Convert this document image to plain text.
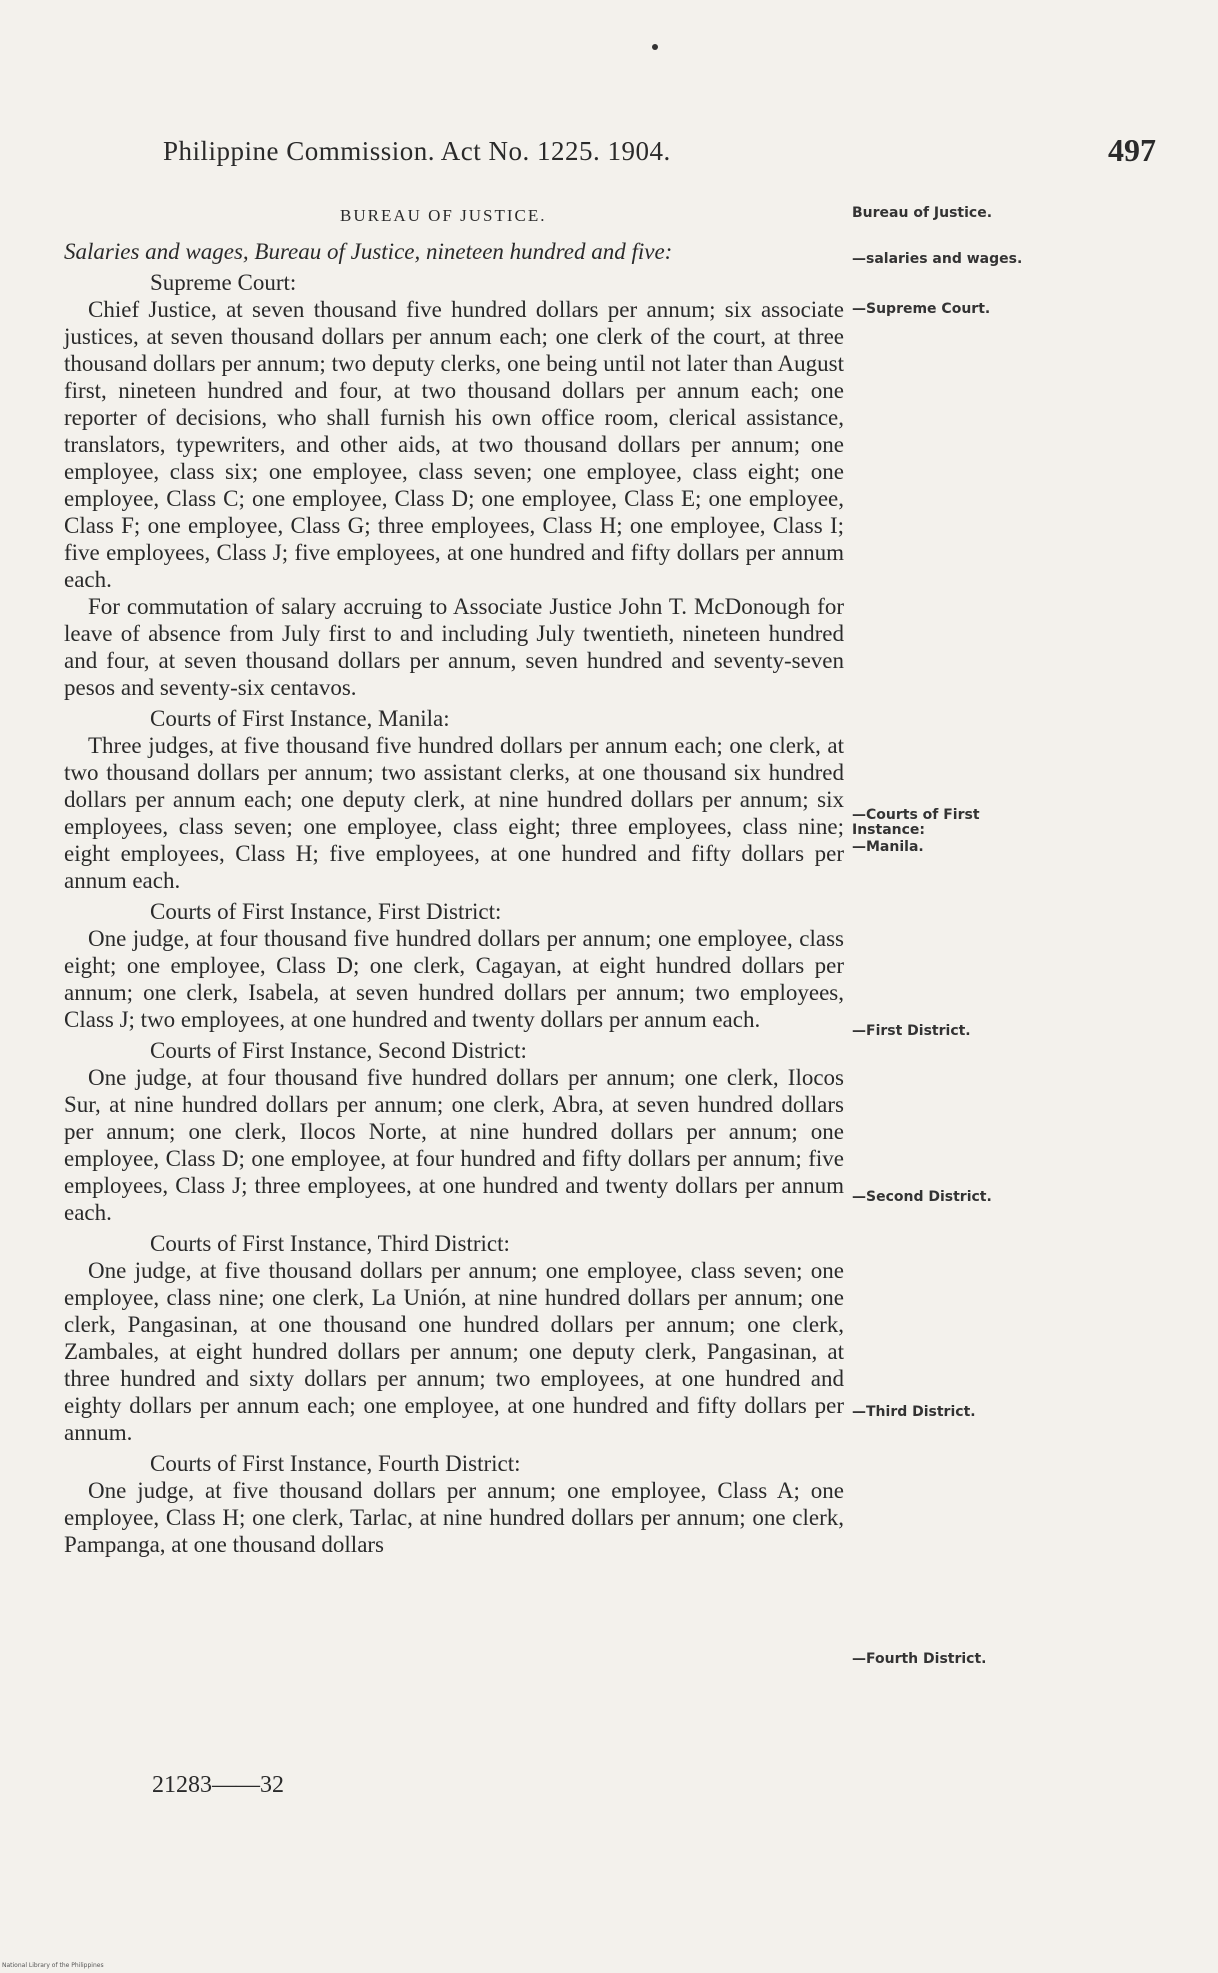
Philippine Commission. Act No. 1225. 1904.	497
BUREAU OF JUSTICE.

Salaries and wages, Bureau of Justice, nineteen hundred and five:

Supreme Court:

Chief Justice, at seven thousand five hundred dollars per annum; six associate justices, at seven thousand dollars per annum each; one clerk of the court, at three thousand dollars per annum; two deputy clerks, one being until not later than August first, nineteen hundred and four, at two thousand dollars per annum each; one reporter of decisions, who shall furnish his own office room, clerical assistance, translators, typewriters, and other aids, at two thousand dollars per annum; one employee, class six; one employee, class seven; one employee, class eight; one employee, Class C; one employee, Class D; one employee, Class E; one employee, Class F; one employee, Class G; three employees, Class H; one employee, Class I; five employees, Class J; five employees, at one hundred and fifty dollars per annum each.

For commutation of salary accruing to Associate Justice John T. McDonough for leave of absence from July first to and including July twentieth, nineteen hundred and four, at seven thousand dollars per annum, seven hundred and seventy-seven pesos and seventy-six centavos.

Courts of First Instance, Manila:

Three judges, at five thousand five hundred dollars per annum each; one clerk, at two thousand dollars per annum; two assistant clerks, at one thousand six hundred dollars per annum each; one deputy clerk, at nine hundred dollars per annum; six employees, class seven; one employee, class eight; three employees, class nine; eight employees, Class H; five employees, at one hundred and fifty dollars per annum each.

Courts of First Instance, First District:

One judge, at four thousand five hundred dollars per annum; one employee, class eight; one employee, Class D; one clerk, Cagayan, at eight hundred dollars per annum; one clerk, Isabela, at seven hundred dollars per annum; two employees, Class J; two employees, at one hundred and twenty dollars per annum each.

Courts of First Instance, Second District:

One judge, at four thousand five hundred dollars per annum; one clerk, Ilocos Sur, at nine hundred dollars per annum; one clerk, Abra, at seven hundred dollars per annum; one clerk, Ilocos Norte, at nine hundred dollars per annum; one employee, Class D; one employee, at four hundred and fifty dollars per annum; five employees, Class J; three employees, at one hundred and twenty dollars per annum each.

Courts of First Instance, Third District:

One judge, at five thousand dollars per annum; one employee, class seven; one employee, class nine; one clerk, La Unión, at nine hundred dollars per annum; one clerk, Pangasinan, at one thousand one hundred dollars per annum; one clerk, Zambales, at eight hundred dollars per annum; one deputy clerk, Pangasinan, at three hundred and sixty dollars per annum; two employees, at one hundred and eighty dollars per annum each; one employee, at one hundred and fifty dollars per annum.

Courts of First Instance, Fourth District:

One judge, at five thousand dollars per annum; one employee, Class A; one employee, Class H; one clerk, Tarlac, at nine hundred dollars per annum; one clerk, Pampanga, at one thousand dollars

Bureau of Justice.
—salaries and wages.
—Supreme Court.
—Courts of First Instance:
—Manila.
—First District.
—Second District.
—Third District.
—Fourth District.
21283——32
National Library of the Philippines
